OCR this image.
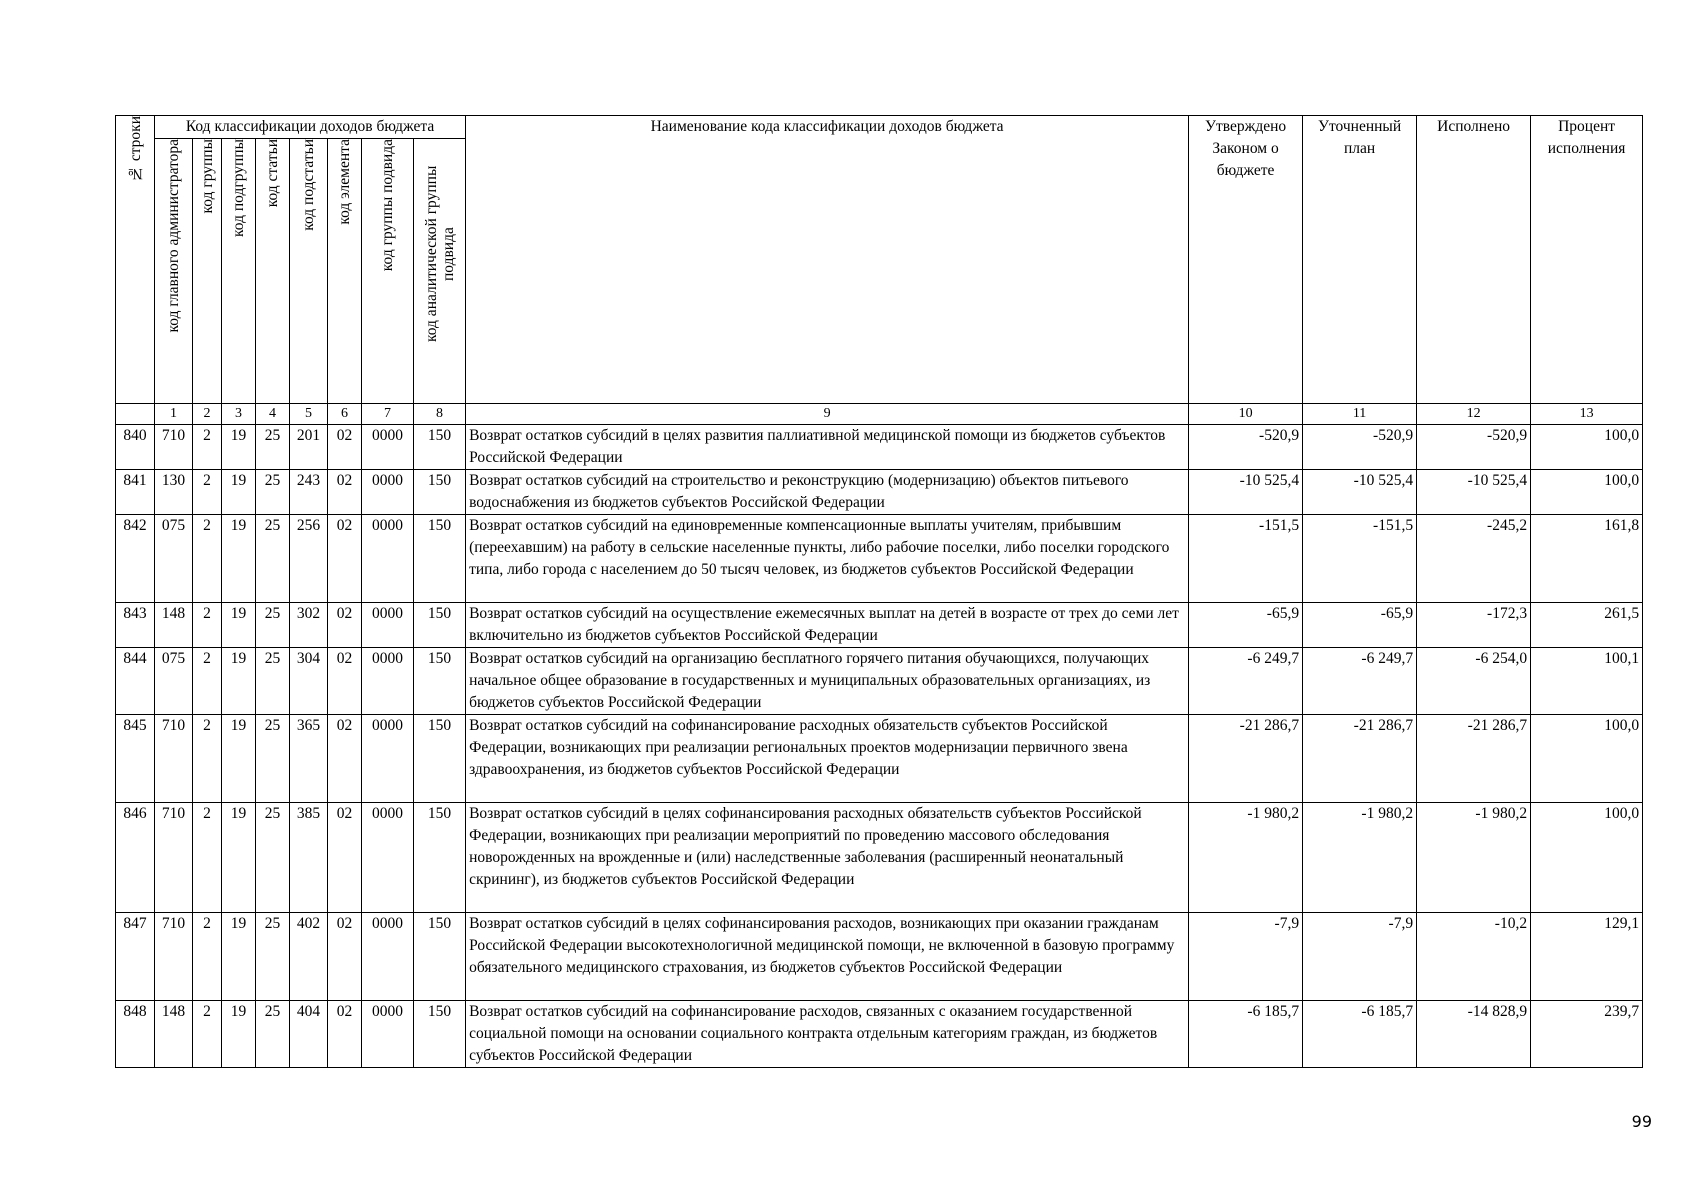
№ строки	Код классификации доходов бюджета								Наименование кода классификации доходов бюджета	Утверждено Законом о бюджете	Уточненный план	Исполнено	Процент исполнения

	код главного администратора	код группы	код подгруппы	код статьи	код подстатьи	код элемента	код группы подвида	код аналитической группы подвида					

	1	2	3	4	5	6	7	8	9	10	11	12	13
840	710	2	19	25	201	02	0000	150	Возврат остатков субсидий в целях развития паллиативной медицинской помощи из бюджетов субъектов Российской Федерации	-520,9	-520,9	-520,9	100,0
841	130	2	19	25	243	02	0000	150	Возврат остатков субсидий на строительство и реконструкцию (модернизацию) объектов питьевого водоснабжения из бюджетов субъектов Российской Федерации	-10 525,4	-10 525,4	-10 525,4	100,0
842	075	2	19	25	256	02	0000	150	Возврат остатков субсидий на единовременные компенсационные выплаты учителям, прибывшим (переехавшим) на работу в сельские населенные пункты, либо рабочие поселки, либо поселки городского типа, либо города с населением до 50 тысяч человек, из бюджетов субъектов Российской Федерации	-151,5	-151,5	-245,2	161,8
843	148	2	19	25	302	02	0000	150	Возврат остатков субсидий на осуществление ежемесячных выплат на детей в возрасте от трех до семи лет включительно из бюджетов субъектов Российской Федерации	-65,9	-65,9	-172,3	261,5
844	075	2	19	25	304	02	0000	150	Возврат остатков субсидий на организацию бесплатного горячего питания обучающихся, получающих начальное общее образование в государственных и муниципальных образовательных организациях, из бюджетов субъектов Российской Федерации	-6 249,7	-6 249,7	-6 254,0	100,1
845	710	2	19	25	365	02	0000	150	Возврат остатков субсидий на софинансирование расходных обязательств субъектов Российской Федерации, возникающих при реализации региональных проектов модернизации первичного звена здравоохранения, из бюджетов субъектов Российской Федерации	-21 286,7	-21 286,7	-21 286,7	100,0
846	710	2	19	25	385	02	0000	150	Возврат остатков субсидий в целях софинансирования расходных обязательств субъектов Российской Федерации, возникающих при реализации мероприятий по проведению массового обследования новорожденных на врожденные и (или) наследственные заболевания (расширенный неонатальный скрининг), из бюджетов субъектов Российской Федерации	-1 980,2	-1 980,2	-1 980,2	100,0
847	710	2	19	25	402	02	0000	150	Возврат остатков субсидий в целях софинансирования расходов, возникающих при оказании гражданам Российской Федерации высокотехнологичной медицинской помощи, не включенной в базовую программу обязательного медицинского страхования, из бюджетов субъектов Российской Федерации	-7,9	-7,9	-10,2	129,1
848	148	2	19	25	404	02	0000	150	Возврат остатков субсидий на софинансирование расходов, связанных с оказанием государственной социальной помощи на основании социального контракта отдельным категориям граждан, из бюджетов субъектов Российской Федерации	-6 185,7	-6 185,7	-14 828,9	239,7
99
